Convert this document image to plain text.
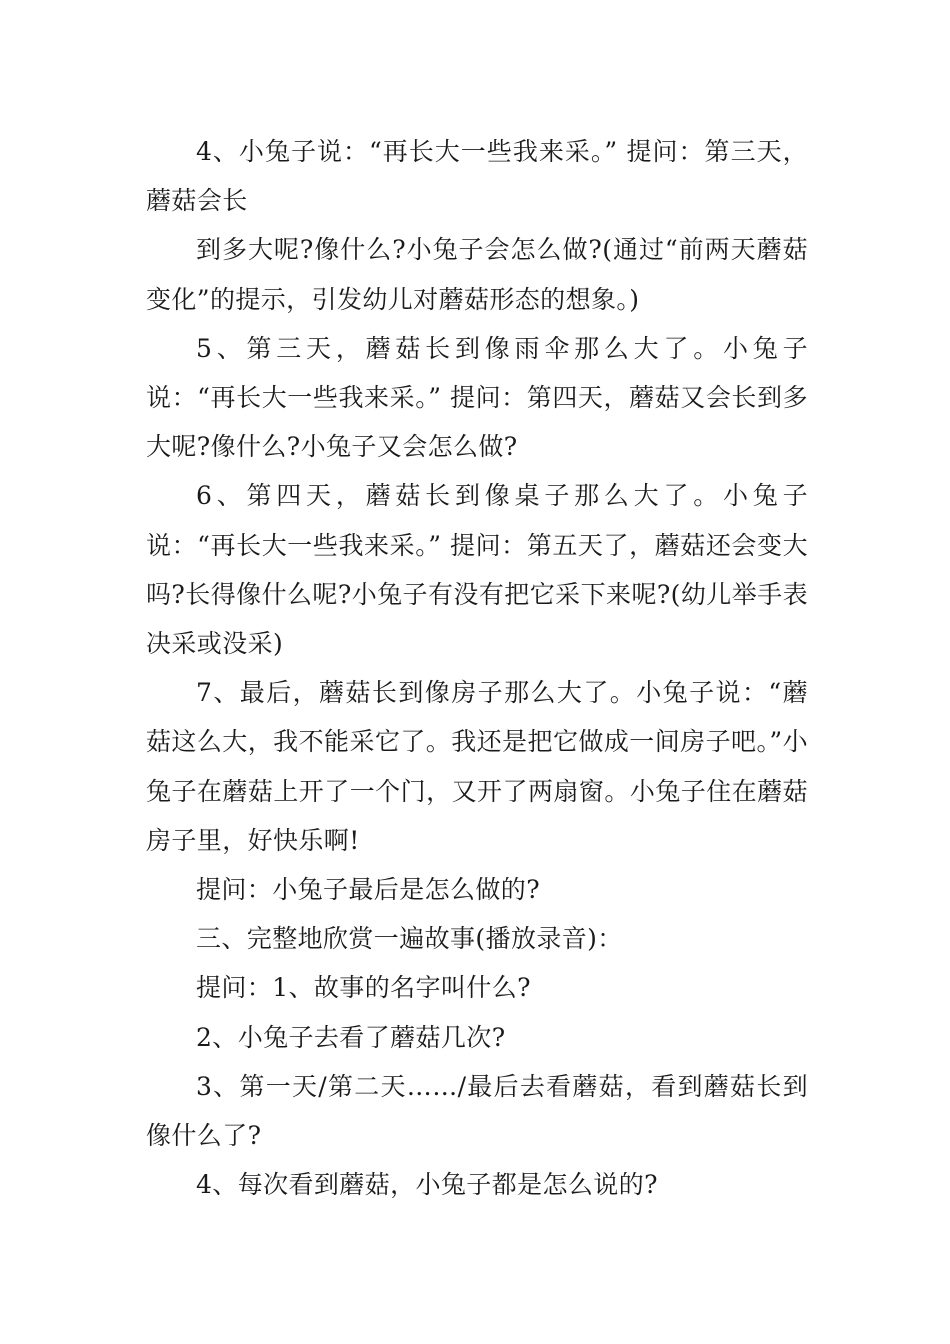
4、小兔子说：“再长大一些我来采。” 提问：第三天，蘑菇会长

到多大呢?像什么?小兔子会怎么做?(通过“前两天蘑菇变化”的提示，引发幼儿对蘑菇形态的想象。)

5、第三天，蘑菇长到像雨伞那么大了。小兔子说：“再长大一些我来采。” 提问：第四天，蘑菇又会长到多大呢?像什么?小兔子又会怎么做?

6、第四天，蘑菇长到像桌子那么大了。小兔子说：“再长大一些我来采。” 提问：第五天了，蘑菇还会变大吗?长得像什么呢?小兔子有没有把它采下来呢?(幼儿举手表决采或没采)

7、最后，蘑菇长到像房子那么大了。小兔子说：“蘑菇这么大，我不能采它了。我还是把它做成一间房子吧。”小兔子在蘑菇上开了一个门，又开了两扇窗。小兔子住在蘑菇房子里，好快乐啊!

提问：小兔子最后是怎么做的?

三、完整地欣赏一遍故事(播放录音)：

提问：1、故事的名字叫什么?

2、小兔子去看了蘑菇几次?

3、第一天/第二天……/最后去看蘑菇，看到蘑菇长到像什么了?

4、每次看到蘑菇，小兔子都是怎么说的?
